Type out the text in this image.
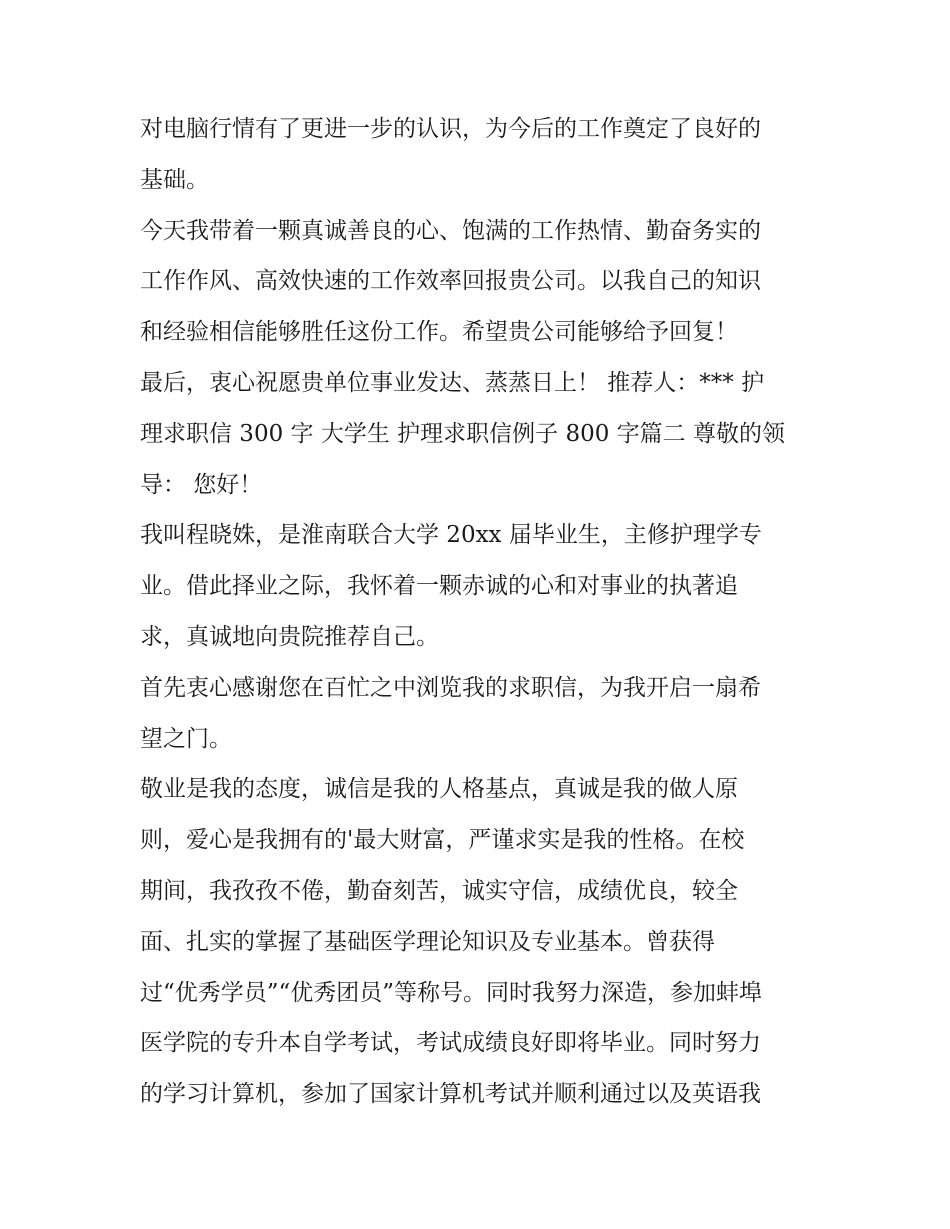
对电脑行情有了更进一步的认识，为今后的工作奠定了良好的
基础。
今天我带着一颗真诚善良的心、饱满的工作热情、勤奋务实的
工作作风、高效快速的工作效率回报贵公司。以我自己的知识
和经验相信能够胜任这份工作。希望贵公司能够给予回复！
最后，衷心祝愿贵单位事业发达、蒸蒸日上！ 推荐人：*** 护
理求职信 300 字 大学生 护理求职信例子 800 字篇二 尊敬的领
导： 您好！
我叫程晓姝，是淮南联合大学 20xx 届毕业生，主修护理学专
业。借此择业之际，我怀着一颗赤诚的心和对事业的执著追
求，真诚地向贵院推荐自己。
首先衷心感谢您在百忙之中浏览我的求职信，为我开启一扇希
望之门。
敬业是我的态度，诚信是我的人格基点，真诚是我的做人原
则，爱心是我拥有的'最大财富，严谨求实是我的性格。在校
期间，我孜孜不倦，勤奋刻苦，诚实守信，成绩优良，较全
面、扎实的掌握了基础医学理论知识及专业基本。曾获得
过“优秀学员”“优秀团员”等称号。同时我努力深造，参加蚌埠
医学院的专升本自学考试，考试成绩良好即将毕业。同时努力
的学习计算机，参加了国家计算机考试并顺利通过以及英语我
